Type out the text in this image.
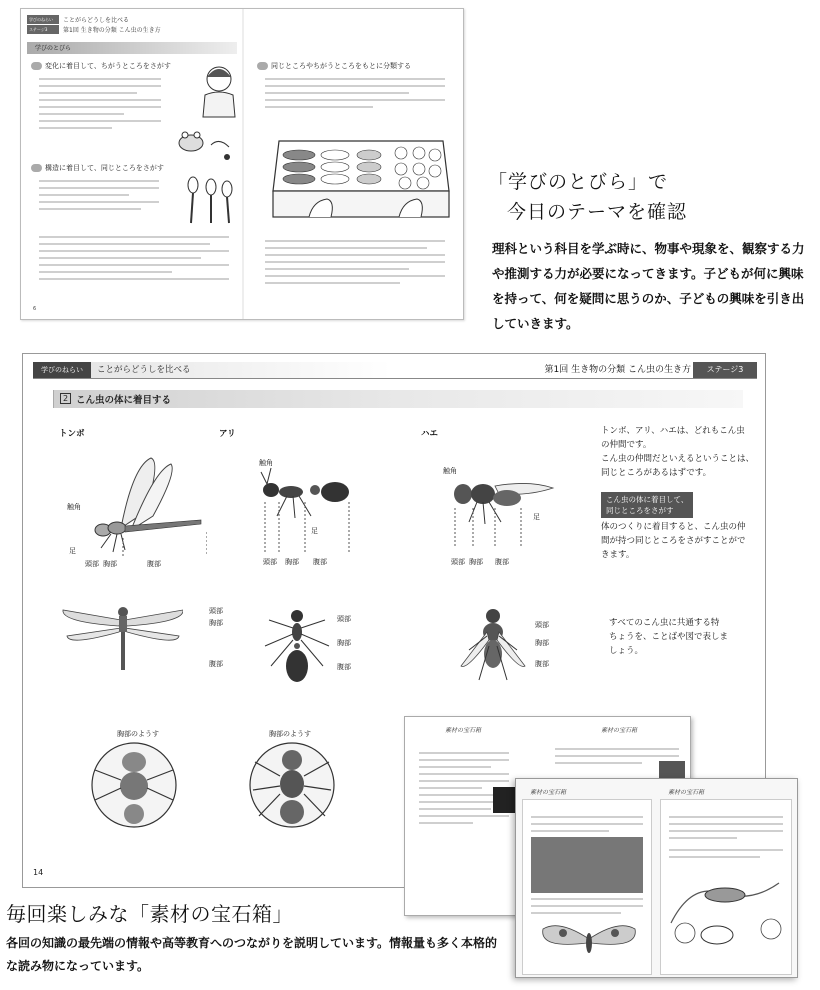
学びのねらい	ことがらどうしを比べる
ステージ3	第1回 生き物の分類 こん虫の生き方
学びのとびら
変化に着目して、ちがうところをさがす
構造に着目して、同じところをさがす
6
同じところやちがうところをもとに分類する
「学びのとびら」で
今日のテーマを確認
理科という科目を学ぶ時に、物事や現象を、観察する力や推測する力が必要になってきます。子どもが何に興味を持って、何を疑問に思うのか、子どもの興味を引き出していきます。
学びのねらい	ことがらどうしを比べる	第1回 生き物の分類 こん虫の生き方	ステージ3
2 こん虫の体に着目する
トンボ	アリ	ハエ
触角
足
頭部 胸部	腹部
触角
足
頭部 胸部 腹部
触角
足
頭部 胸部 腹部
トンボ、アリ、ハエは、どれもこん虫
の仲間です。
こん虫の仲間だといえるということは、
同じところがあるはずです。
こん虫の体に着目して、
同じところをさがす
体のつくりに着目すると、こん虫の仲
間が持つ同じところをさがすことがで
きます。
頭部
胸部
腹部
頭部
胸部
腹部
頭部
胸部
腹部
すべてのこん虫に共通する特
ちょうを、ことばや図で表しま
しょう。
胸部のようす	胸部のようす
14
素材の宝石箱	素材の宝石箱
素材の宝石箱	素材の宝石箱
毎回楽しみな「素材の宝石箱」
各回の知識の最先端の情報や高等教育へのつながりを説明しています。情報量も多く本格的な読み物になっています。
